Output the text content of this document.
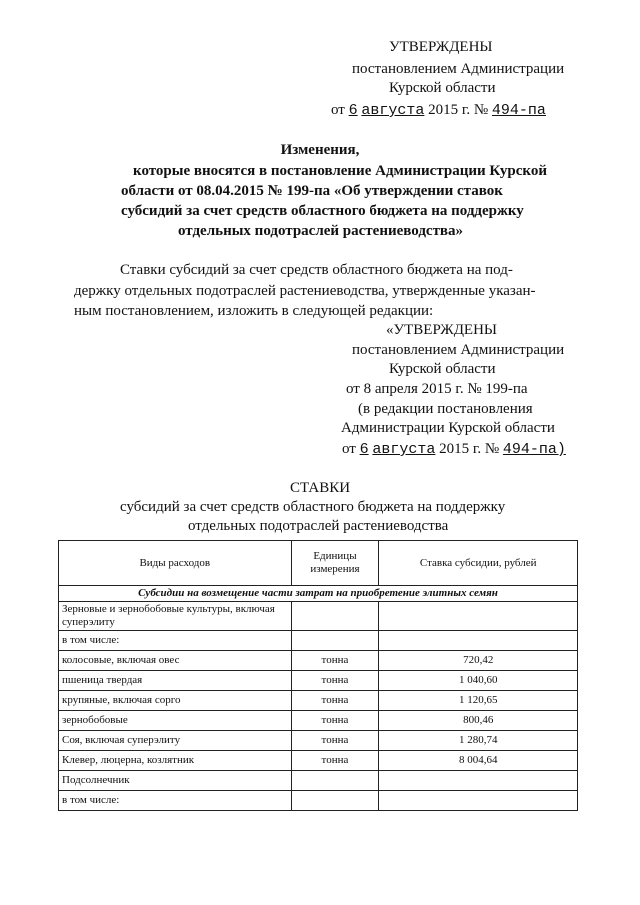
УТВЕРЖДЕНЫ
постановлением Администрации
Курской области
от 6 августа 2015 г. № 494-па
Изменения,
которые вносятся в постановление Администрации Курской
области от 08.04.2015 № 199-па «Об утверждении ставок
субсидий за счет средств областного бюджета на поддержку
отдельных подотраслей растениеводства»
Ставки субсидий за счет средств областного бюджета на под-
держку отдельных подотраслей растениеводства, утвержденные указан-
ным постановлением, изложить в следующей редакции:
«УТВЕРЖДЕНЫ
постановлением Администрации
Курской области
от 8 апреля 2015 г. № 199-па
(в редакции постановления
Администрации Курской области
от 6 августа 2015 г. № 494-па)
СТАВКИ
субсидий за счет средств областного бюджета на поддержку
отдельных подотраслей растениеводства
Виды расходов	Единицы измерения	Ставка субсидии, рублей
Субсидии на возмещение части затрат на приобретение элитных семян		
Зерновые и зернобобовые культуры, включая суперэлиту		
в том числе:		
колосовые, включая овес	тонна	720,42
пшеница твердая	тонна	1 040,60
крупяные, включая сорго	тонна	1 120,65
зернобобовые	тонна	800,46
Соя, включая суперэлиту	тонна	1 280,74
Клевер, люцерна, козлятник	тонна	8 004,64
Подсолнечник		
в том числе:		
